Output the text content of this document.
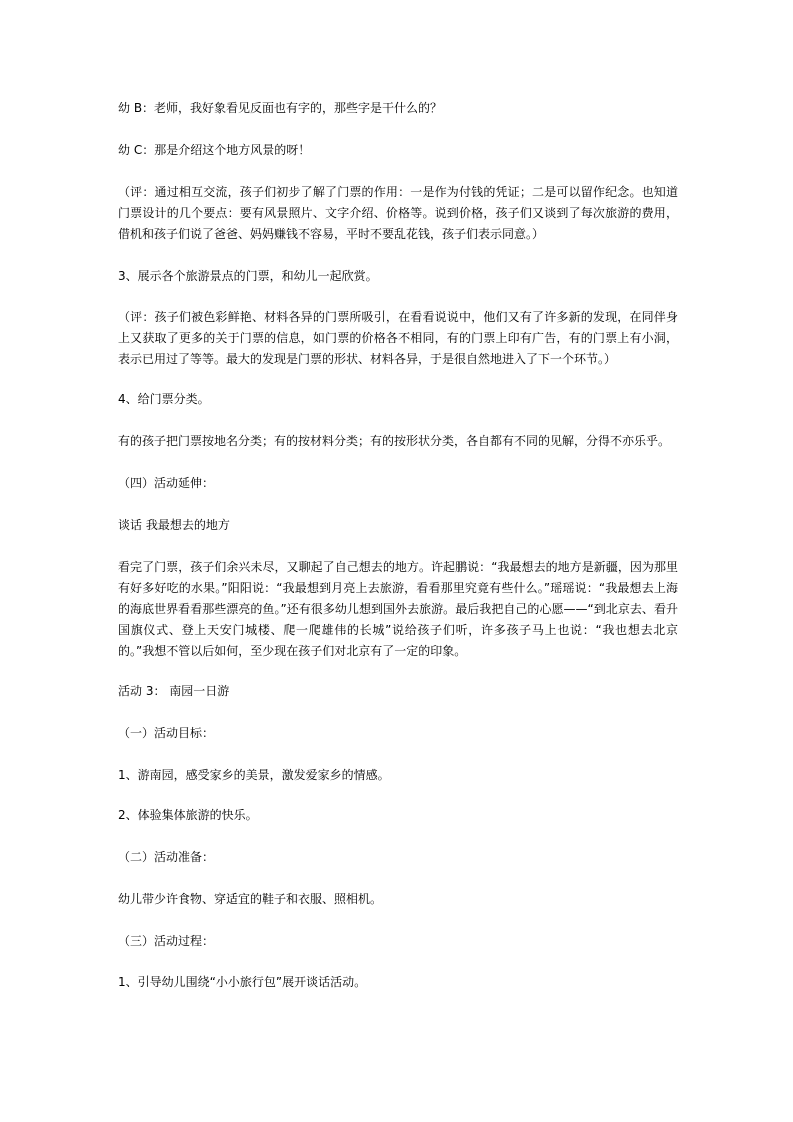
幼 B：老师，我好象看见反面也有字的，那些字是干什么的？

幼 C：那是介绍这个地方风景的呀！

（评：通过相互交流，孩子们初步了解了门票的作用：一是作为付钱的凭证；二是可以留作纪念。也知道门票设计的几个要点：要有风景照片、文字介绍、价格等。说到价格，孩子们又谈到了每次旅游的费用，借机和孩子们说了爸爸、妈妈赚钱不容易，平时不要乱花钱，孩子们表示同意。）

3、展示各个旅游景点的门票，和幼儿一起欣赏。

（评：孩子们被色彩鲜艳、材料各异的门票所吸引，在看看说说中，他们又有了许多新的发现，在同伴身上又获取了更多的关于门票的信息，如门票的价格各不相同，有的门票上印有广告，有的门票上有小洞，表示已用过了等等。最大的发现是门票的形状、材料各异，于是很自然地进入了下一个环节。）

4、给门票分类。

有的孩子把门票按地名分类；有的按材料分类；有的按形状分类，各自都有不同的见解，分得不亦乐乎。

（四）活动延伸：

谈话 我最想去的地方

看完了门票，孩子们余兴未尽，又聊起了自己想去的地方。许起鹏说：“我最想去的地方是新疆，因为那里有好多好吃的水果。”阳阳说：“我最想到月亮上去旅游，看看那里究竟有些什么。”瑶瑶说：“我最想去上海的海底世界看看那些漂亮的鱼。”还有很多幼儿想到国外去旅游。最后我把自己的心愿——“到北京去、看升国旗仪式、登上天安门城楼、爬一爬雄伟的长城”说给孩子们听，许多孩子马上也说：“我也想去北京的。”我想不管以后如何，至少现在孩子们对北京有了一定的印象。

活动 3： 南园一日游

（一）活动目标：

1、游南园，感受家乡的美景，激发爱家乡的情感。

2、体验集体旅游的快乐。

（二）活动准备：

幼儿带少许食物、穿适宜的鞋子和衣服、照相机。

（三）活动过程：

1、引导幼儿围绕“小小旅行包”展开谈话活动。
